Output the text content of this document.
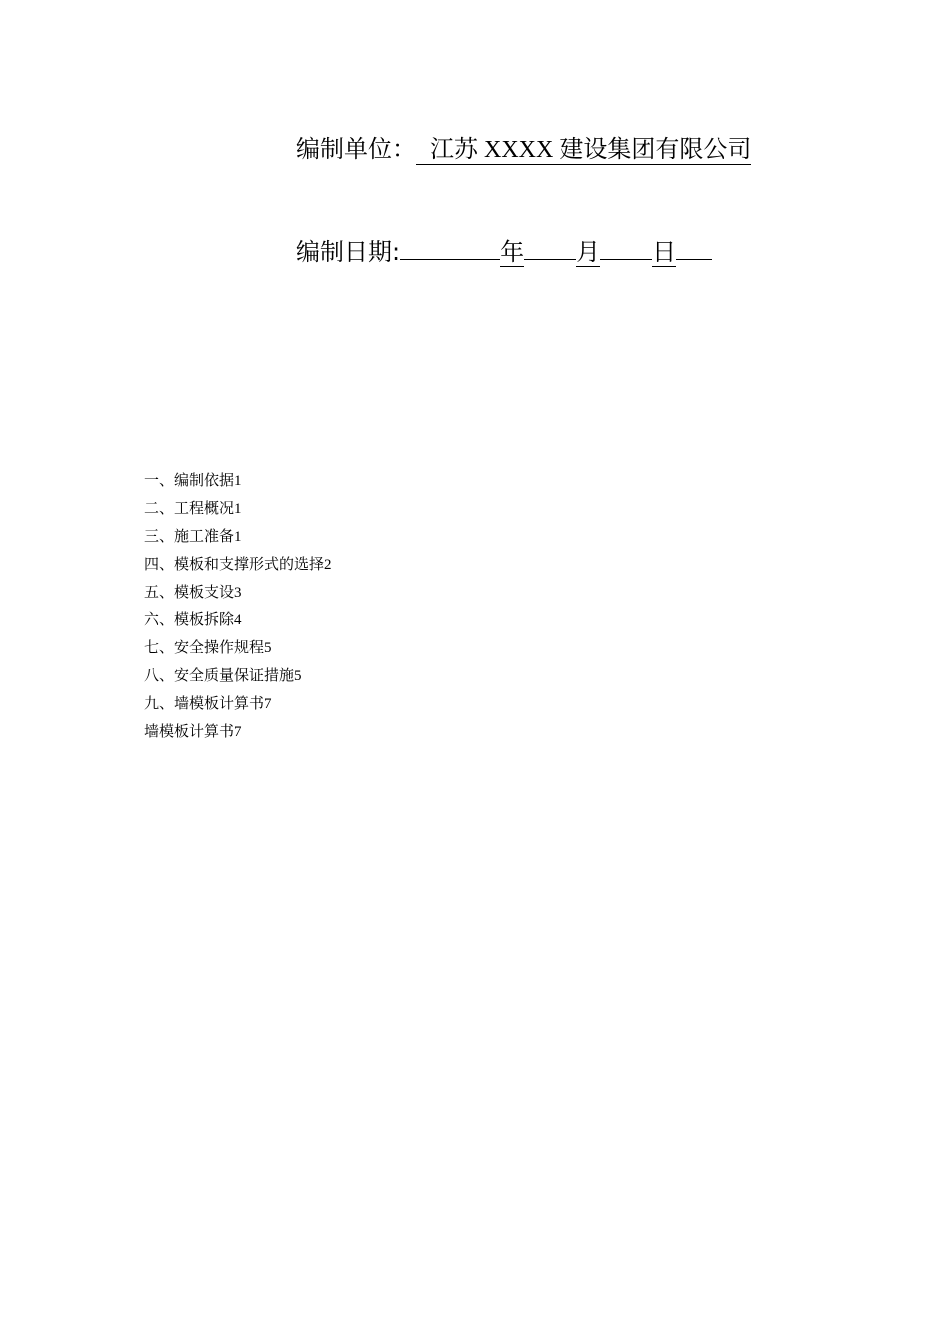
编制单位： 江苏 XXXX 建设集团有限公司
编制日期:	年 月 日
一、编制依据1
二、工程概况1
三、施工准备1
四、模板和支撑形式的选择2
五、模板支设3
六、模板拆除4
七、安全操作规程5
八、安全质量保证措施5
九、墙模板计算书7
墙模板计算书7
